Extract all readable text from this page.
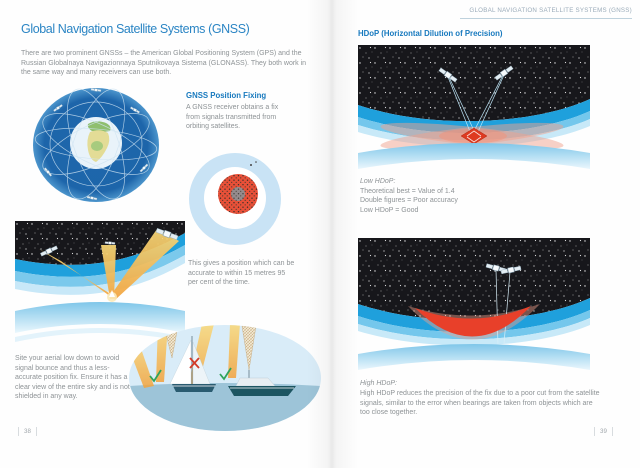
Global Navigation Satellite Systems (GNSS)

There are two prominent GNSSs – the American Global Positioning System (GPS) and the Russian Globalnaya Navigazionnaya Sputnikovaya Sistema (GLONASS). They both work in the same way and many receivers can use both.

GNSS Position Fixing

A GNSS receiver obtains a fix from signals transmitted from orbiting satellites.

This gives a position which can be accurate to within 15 metres 95 per cent of the time.

Site your aerial low down to avoid signal bounce and thus a less-accurate position fix. Ensure it has a clear view of the entire sky and is not shielded in any way.

38
GLOBAL NAVIGATION SATELLITE SYSTEMS (GNSS)
HDoP (Horizontal Dilution of Precision)
Low HDoP:
Theoretical best = Value of 1.4
Double figures = Poor accuracy
Low HDoP = Good
High HDoP:

High HDoP reduces the precision of the fix due to a poor cut from the satellite signals, similar to the error when bearings are taken from objects which are too close together.

39
